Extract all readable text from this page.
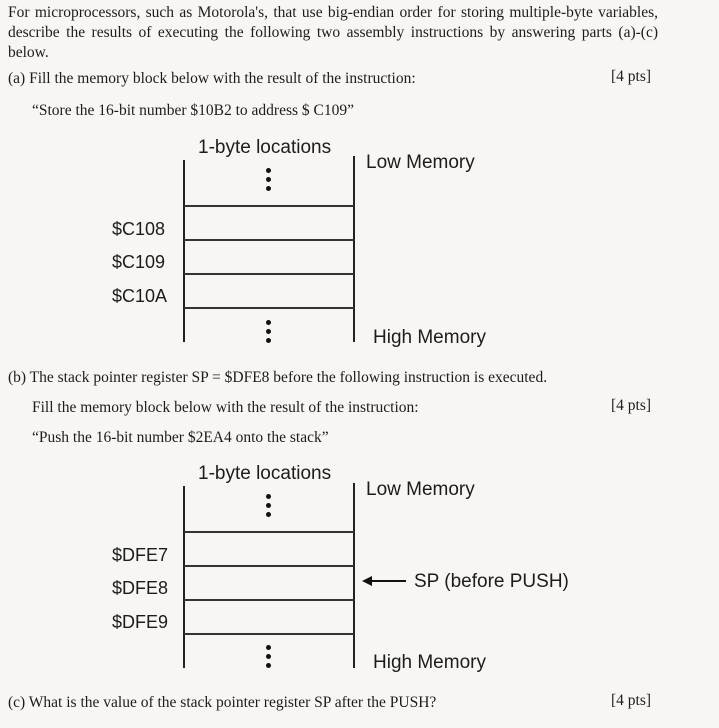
For microprocessors, such as Motorola's, that use big-endian order for storing multiple-byte variables, describe the results of executing the following two assembly instructions by answering parts (a)-(c) below.
(a) Fill the memory block below with the result of the instruction:	[4 pts]
“Store the 16-bit number $10B2 to address $ C109”
1-byte locations
Low Memory
High Memory
$C108
$C109
$C10A
(b) The stack pointer register SP = $DFE8 before the following instruction is executed.
Fill the memory block below with the result of the instruction:	[4 pts]
“Push the 16-bit number $2EA4 onto the stack”
1-byte locations
Low Memory
High Memory
$DFE7
$DFE8
$DFE9
SP (before PUSH)
(c) What is the value of the stack pointer register SP after the PUSH?	[4 pts]
